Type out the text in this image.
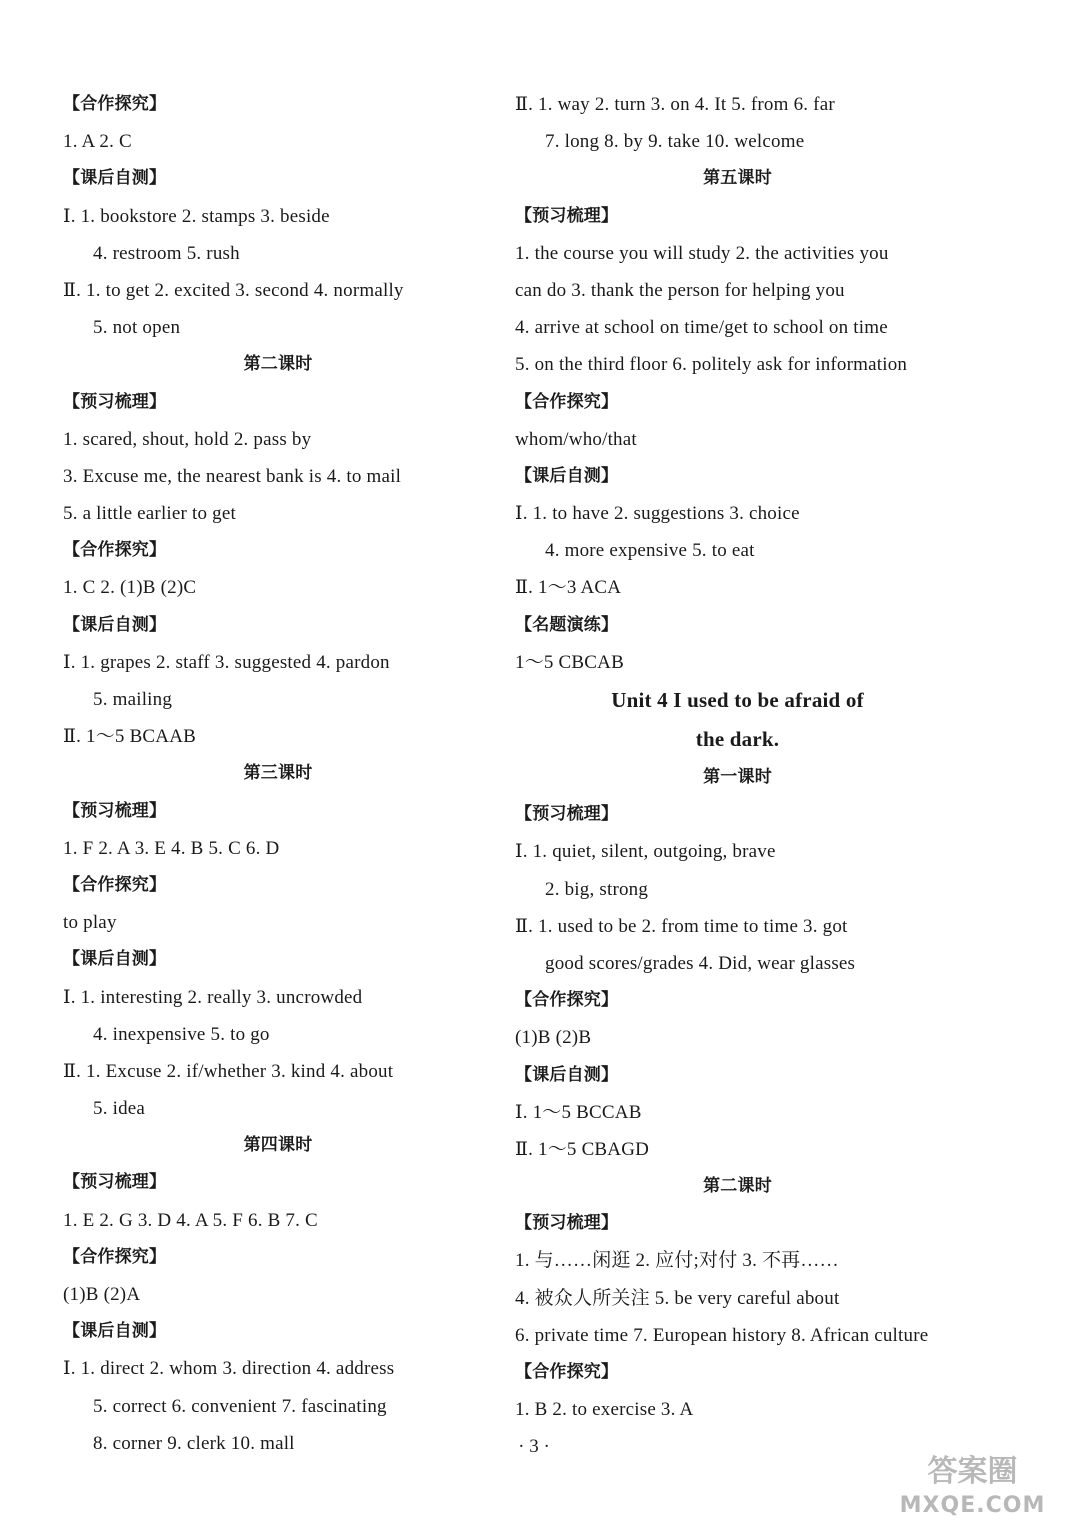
【合作探究】
1. A 2. C
【课后自测】
Ⅰ. 1. bookstore 2. stamps 3. beside
4. restroom 5. rush
Ⅱ. 1. to get 2. excited 3. second 4. normally
5. not open
第二课时
【预习梳理】
1. scared, shout, hold 2. pass by
3. Excuse me, the nearest bank is 4. to mail
5. a little earlier to get
【合作探究】
1. C 2. (1)B (2)C
【课后自测】
Ⅰ. 1. grapes 2. staff 3. suggested 4. pardon
5. mailing
Ⅱ. 1～5 BCAAB
第三课时
【预习梳理】
1. F 2. A 3. E 4. B 5. C 6. D
【合作探究】
to play
【课后自测】
Ⅰ. 1. interesting 2. really 3. uncrowded
4. inexpensive 5. to go
Ⅱ. 1. Excuse 2. if/whether 3. kind 4. about
5. idea
第四课时
【预习梳理】
1. E 2. G 3. D 4. A 5. F 6. B 7. C
【合作探究】
(1)B (2)A
【课后自测】
Ⅰ. 1. direct 2. whom 3. direction 4. address
5. correct 6. convenient 7. fascinating
8. corner 9. clerk 10. mall
Ⅱ. 1. way 2. turn 3. on 4. It 5. from 6. far
7. long 8. by 9. take 10. welcome
第五课时
【预习梳理】
1. the course you will study 2. the activities you
can do 3. thank the person for helping you
4. arrive at school on time/get to school on time
5. on the third floor 6. politely ask for information
【合作探究】
whom/who/that
【课后自测】
Ⅰ. 1. to have 2. suggestions 3. choice
4. more expensive 5. to eat
Ⅱ. 1～3 ACA
【名题演练】
1～5 CBCAB
Unit 4 I used to be afraid of
the dark.
第一课时
【预习梳理】
Ⅰ. 1. quiet, silent, outgoing, brave
2. big, strong
Ⅱ. 1. used to be 2. from time to time 3. got
good scores/grades 4. Did, wear glasses
【合作探究】
(1)B (2)B
【课后自测】
Ⅰ. 1～5 BCCAB
Ⅱ. 1～5 CBAGD
第二课时
【预习梳理】
1. 与……闲逛 2. 应付;对付 3. 不再……
4. 被众人所关注 5. be very careful about
6. private time 7. European history 8. African culture
【合作探究】
1. B 2. to exercise 3. A
· 3 ·
答案圈
MXQE.COM
